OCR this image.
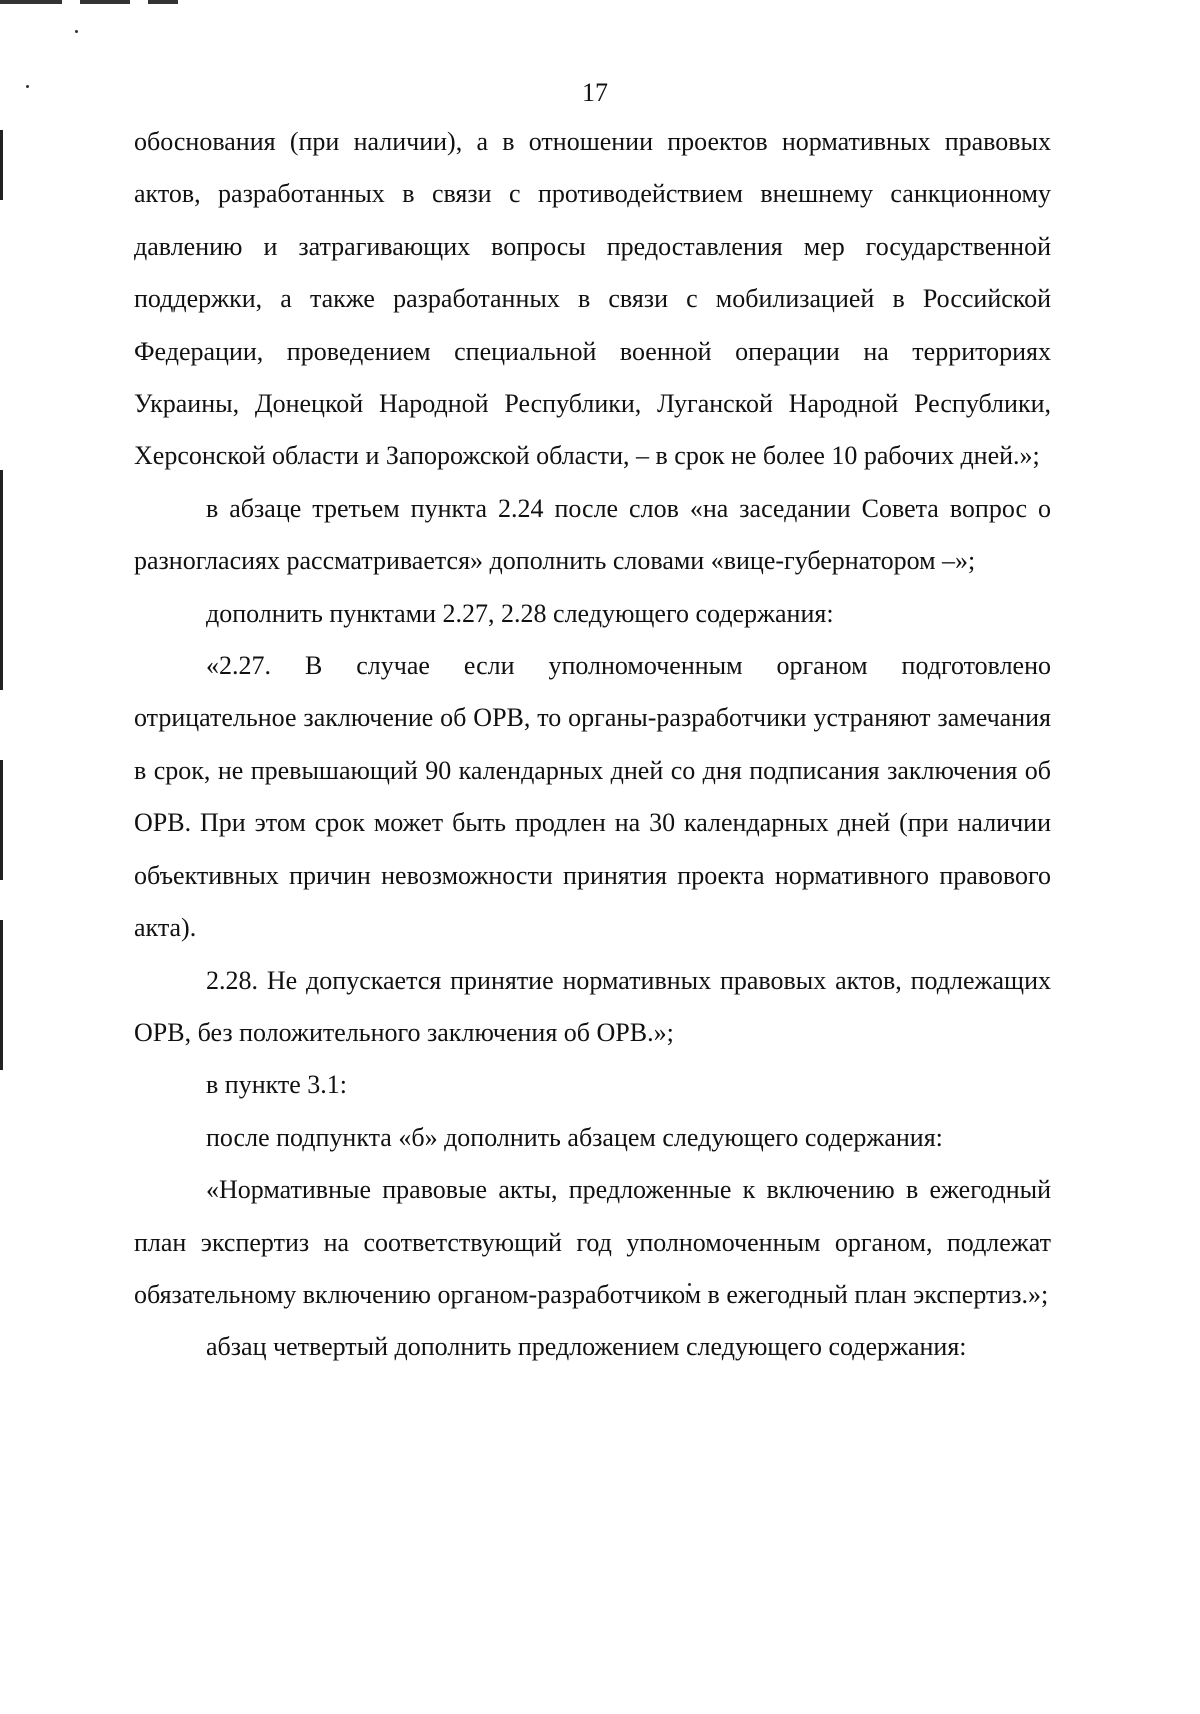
17

обоснования (при наличии), а в отношении проектов нормативных правовых актов, разработанных в связи с противодействием внешнему санкционному давлению и затрагивающих вопросы предоставления мер государственной поддержки, а также разработанных в связи с мобилизацией в Российской Федерации, проведением специальной военной операции на территориях Украины, Донецкой Народной Республики, Луганской Народной Республики, Херсонской области и Запорожской области, – в срок не более 10 рабочих дней.»;

в абзаце третьем пункта 2.24 после слов «на заседании Совета вопрос о разногласиях рассматривается» дополнить словами «вице-губернатором –»;

дополнить пунктами 2.27, 2.28 следующего содержания:

«2.27. В случае если уполномоченным органом подготовлено отрицательное заключение об ОРВ, то органы-разработчики устраняют замечания в срок, не превышающий 90 календарных дней со дня подписания заключения об ОРВ. При этом срок может быть продлен на 30 календарных дней (при наличии объективных причин невозможности принятия проекта нормативного правового акта).

2.28. Не допускается принятие нормативных правовых актов, подлежащих ОРВ, без положительного заключения об ОРВ.»;

в пункте 3.1:

после подпункта «б» дополнить абзацем следующего содержания:

«Нормативные правовые акты, предложенные к включению в ежегодный план экспертиз на соответствующий год уполномоченным органом, подлежат обязательному включению органом-разработчиком в ежегодный план экспертиз.»;

абзац четвертый дополнить предложением следующего содержания:
